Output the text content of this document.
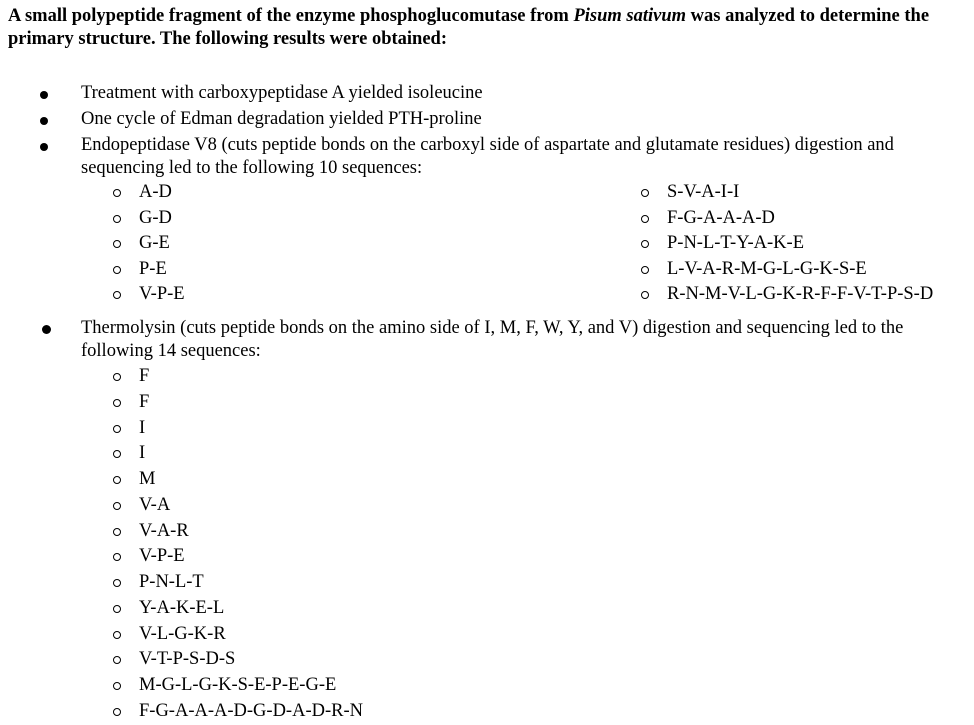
A small polypeptide fragment of the enzyme phosphoglucomutase from Pisum sativum was analyzed to determine the primary structure. The following results were obtained:

Treatment with carboxypeptidase A yielded isoleucine
One cycle of Edman degradation yielded PTH-proline
Endopeptidase V8 (cuts peptide bonds on the carboxyl side of aspartate and glutamate residues) digestion and sequencing led to the following 10 sequences:
A-D
G-D
G-E
P-E
V-P-E
S-V-A-I-I
F-G-A-A-A-D
P-N-L-T-Y-A-K-E
L-V-A-R-M-G-L-G-K-S-E
R-N-M-V-L-G-K-R-F-F-V-T-P-S-D
Thermolysin (cuts peptide bonds on the amino side of I, M, F, W, Y, and V) digestion and sequencing led to the following 14 sequences:
F
F
I
I
M
V-A
V-A-R
V-P-E
P-N-L-T
Y-A-K-E-L
V-L-G-K-R
V-T-P-S-D-S
M-G-L-G-K-S-E-P-E-G-E
F-G-A-A-A-D-G-D-A-D-R-N
